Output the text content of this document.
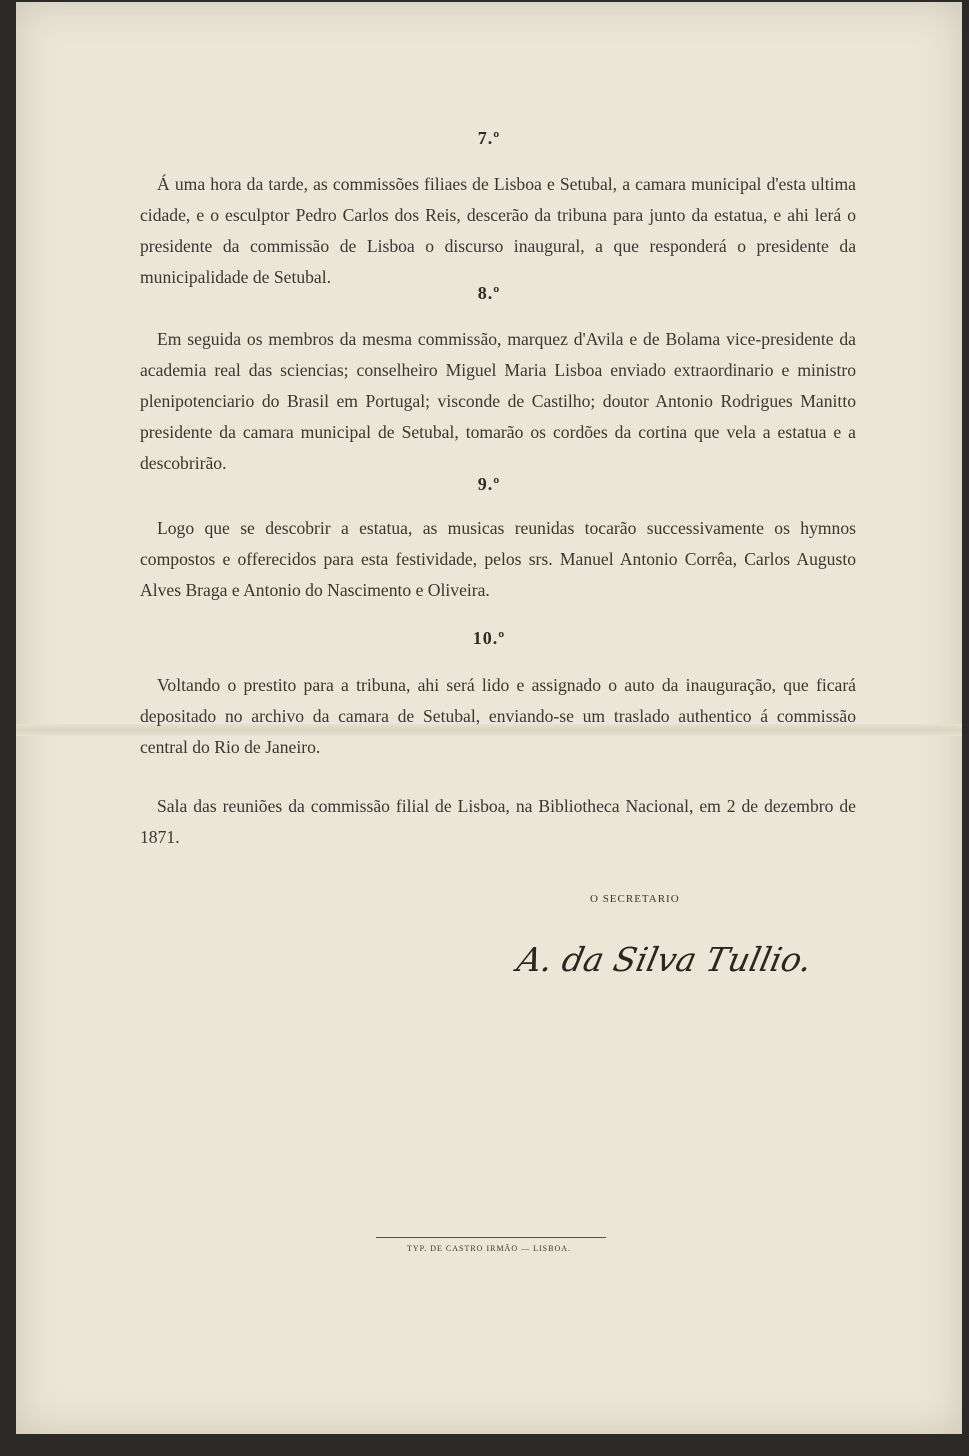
7.º
Á uma hora da tarde, as commissões filiaes de Lisboa e Setubal, a camara municipal d'esta ultima cidade, e o esculptor Pedro Carlos dos Reis, descerão da tribuna para junto da estatua, e ahi lerá o presidente da commissão de Lisboa o discurso inaugural, a que responderá o presidente da municipalidade de Setubal.
8.º
Em seguida os membros da mesma commissão, marquez d'Avila e de Bolama vice-presidente da academia real das sciencias; conselheiro Miguel Maria Lisboa enviado extraordinario e ministro plenipotenciario do Brasil em Portugal; visconde de Castilho; doutor Antonio Rodrigues Manitto presidente da camara municipal de Setubal, tomarão os cordões da cortina que vela a estatua e a descobrirão.
9.º
Logo que se descobrir a estatua, as musicas reunidas tocarão successivamente os hymnos compostos e offerecidos para esta festividade, pelos srs. Manuel Antonio Corrêa, Carlos Augusto Alves Braga e Antonio do Nascimento e Oliveira.
10.º
Voltando o prestito para a tribuna, ahi será lido e assignado o auto da inauguração, que ficará depositado no archivo da camara de Setubal, enviando-se um traslado authentico á commissão central do Rio de Janeiro.
Sala das reuniões da commissão filial de Lisboa, na Bibliotheca Nacional, em 2 de dezembro de 1871.
O SECRETARIO
A. da Silva Tullio.
TYP. DE CASTRO IRMÃO — LISBOA.
